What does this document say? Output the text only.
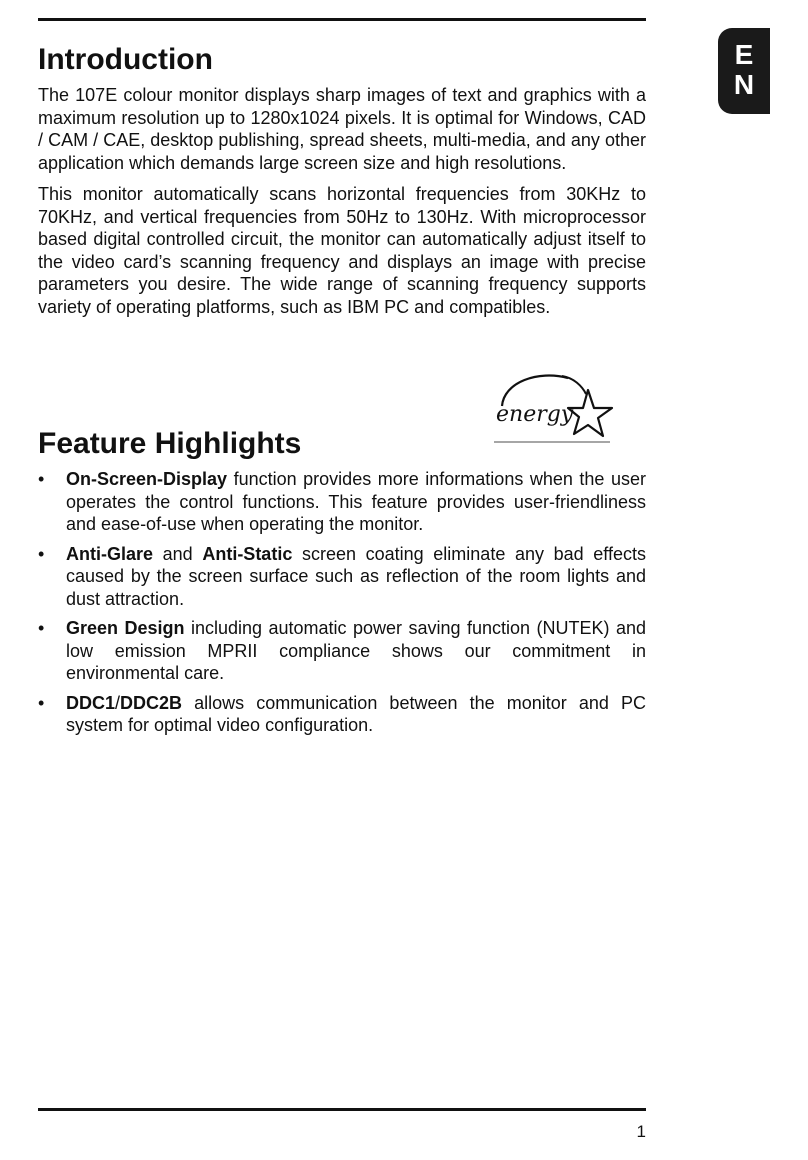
E
N
Introduction

The 107E colour monitor displays sharp images of text and graphics with a maximum resolution up to 1280x1024 pixels. It is optimal for Windows, CAD / CAM / CAE, desktop publishing, spread sheets, multi-media, and any other application which demands large screen size and high resolutions.

This monitor automatically scans horizontal frequencies from 30KHz to 70KHz, and vertical frequencies from 50Hz to 130Hz. With microprocessor based digital controlled circuit, the monitor can automatically adjust itself to the video card’s scanning frequency and displays an image with precise parameters you desire. The wide range of scanning frequency supports variety of operating platforms, such as IBM PC and compatibles.

energy
Feature Highlights
• On-Screen-Display function provides more informations when the user operates the control functions. This feature provides user-friendliness and ease-of-use when operating the monitor.
• Anti-Glare and Anti-Static screen coating eliminate any bad effects caused by the screen surface such as reflection of the room lights and dust attraction.
• Green Design including automatic power saving function (NUTEK) and low emission MPRII compliance shows our commitment in environmental care.
• DDC1/DDC2B allows communication between the monitor and PC system for optimal video configuration.
1
